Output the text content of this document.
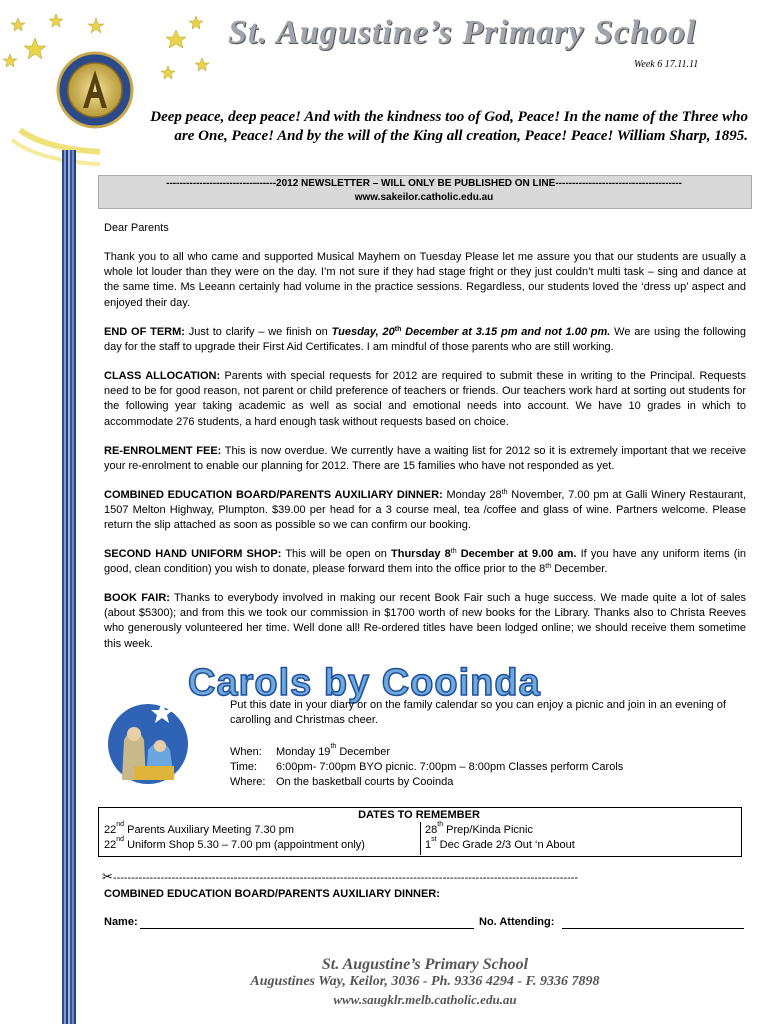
St. Augustine’s Primary School
Week 6 17.11.11
Deep peace, deep peace! And with the kindness too of God, Peace! In the name of the Three who are One, Peace! And by the will of the King all creation, Peace! Peace! William Sharp, 1895.
---------------------------------2012 NEWSLETTER – WILL ONLY BE PUBLISHED ON LINE--------------------------------------
www.sakeilor.catholic.edu.au
Dear Parents
Thank you to all who came and supported Musical Mayhem on Tuesday Please let me assure you that our students are usually a whole lot louder than they were on the day. I’m not sure if they had stage fright or they just couldn’t multi task – sing and dance at the same time. Ms Leeann certainly had volume in the practice sessions. Regardless, our students loved the ‘dress up’ aspect and enjoyed their day.
END OF TERM: Just to clarify – we finish on Tuesday, 20th December at 3.15 pm and not 1.00 pm. We are using the following day for the staff to upgrade their First Aid Certificates. I am mindful of those parents who are still working.
CLASS ALLOCATION: Parents with special requests for 2012 are required to submit these in writing to the Principal. Requests need to be for good reason, not parent or child preference of teachers or friends. Our teachers work hard at sorting out students for the following year taking academic as well as social and emotional needs into account. We have 10 grades in which to accommodate 276 students, a hard enough task without requests based on choice.
RE-ENROLMENT FEE: This is now overdue. We currently have a waiting list for 2012 so it is extremely important that we receive your re-enrolment to enable our planning for 2012. There are 15 families who have not responded as yet.
COMBINED EDUCATION BOARD/PARENTS AUXILIARY DINNER: Monday 28th November, 7.00 pm at Galli Winery Restaurant, 1507 Melton Highway, Plumpton. $39.00 per head for a 3 course meal, tea /coffee and glass of wine. Partners welcome. Please return the slip attached as soon as possible so we can confirm our booking.
SECOND HAND UNIFORM SHOP: This will be open on Thursday 8th December at 9.00 am. If you have any uniform items (in good, clean condition) you wish to donate, please forward them into the office prior to the 8th December.
BOOK FAIR: Thanks to everybody involved in making our recent Book Fair such a huge success. We made quite a lot of sales (about $5300); and from this we took our commission in $1700 worth of new books for the Library. Thanks also to Christa Reeves who generously volunteered her time. Well done all! Re-ordered titles have been lodged online; we should receive them sometime this week.
Carols by Cooinda
Put this date in your diary or on the family calendar so you can enjoy a picnic and join in an evening of carolling and Christmas cheer.
When:	Monday 19th December
Time:	6:00pm- 7:00pm BYO picnic. 7:00pm – 8:00pm Classes perform Carols
Where: On the basketball courts by Cooinda
DATES TO REMEMBER
22nd Parents Auxiliary Meeting 7.30 pm
22nd Uniform Shop 5.30 – 7.00 pm (appointment only)
28th Prep/Kinda Picnic
1st Dec Grade 2/3 Out ‘n About
✂-------------------------------------------------------------------------------------------------------------------------------
COMBINED EDUCATION BOARD/PARENTS AUXILIARY DINNER:
Name:	No. Attending:
St. Augustine’s Primary School
Augustines Way, Keilor, 3036 - Ph. 9336 4294 - F. 9336 7898
www.saugklr.melb.catholic.edu.au
